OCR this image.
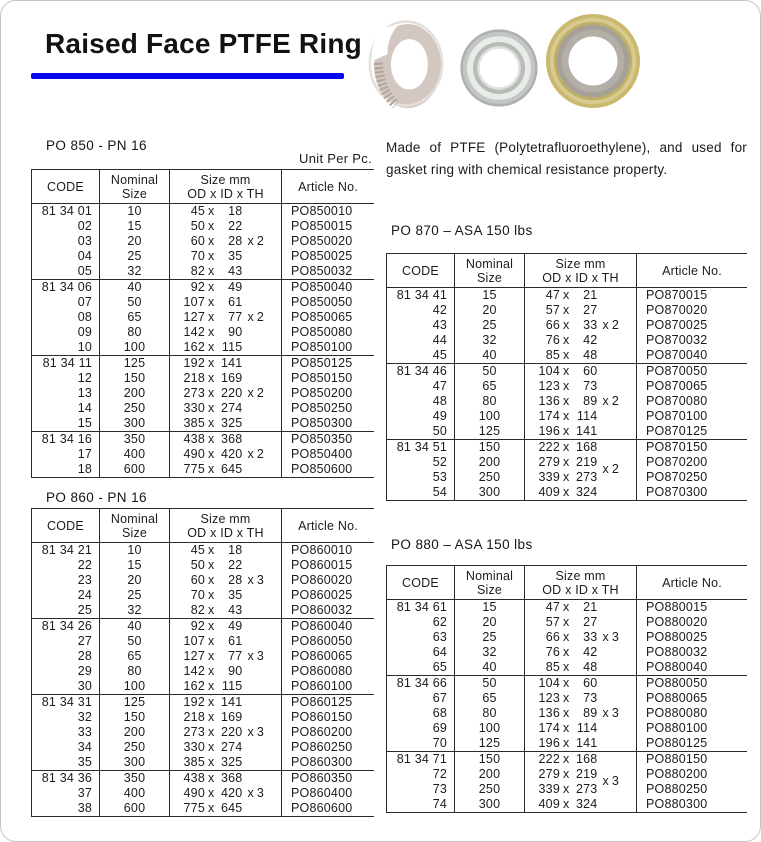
Raised Face PTFE Ring
PO 850 - PN 16
Unit Per Pc.
CODE	Nominal
Size
Size mm
OD x ID x TH	Article No.
81 34 01	10	45 x 18	PO850010
02	15	50 x 22	PO850015
03	20	60 x 28 x 2	PO850020
04	25	70 x 35	PO850025
05	32	82 x 43	PO850032
81 34 06	40	92 x 49	PO850040
07	50	107 x 61	PO850050
08	65	127 x 77 x 2	PO850065
09	80	142 x 90	PO850080
10	100	162 x 115	PO850100
81 34 11	125	192 x 141	PO850125
12	150	218 x 169	PO850150
13	200	273 x 220 x 2	PO850200
14	250	330 x 274	PO850250
15	300	385 x 325	PO850300
81 34 16	350	438 x 368	PO850350
17	400	490 x 420 x 2	PO850400
18	600	775 x 645	PO850600
PO 860 - PN 16
CODE	Nominal
Size
Size mm
OD x ID x TH	Article No.
81 34 21	10	45 x 18	PO860010
22	15	50 x 22	PO860015
23	20	60 x 28 x 3	PO860020
24	25	70 x 35	PO860025
25	32	82 x 43	PO860032
81 34 26	40	92 x 49	PO860040
27	50	107 x 61	PO860050
28	65	127 x 77 x 3	PO860065
29	80	142 x 90	PO860080
30	100	162 x 115	PO860100
81 34 31	125	192 x 141	PO860125
32	150	218 x 169	PO860150
33	200	273 x 220 x 3	PO860200
34	250	330 x 274	PO860250
35	300	385 x 325	PO860300
81 34 36	350	438 x 368	PO860350
37	400	490 x 420 x 3	PO860400
38	600	775 x 645	PO860600

Made of PTFE (Polytetrafluoroethylene), and used for gasket ring with chemical resistance property.

PO 870 – ASA 150 lbs
CODE	Nominal
Size
Size mm
OD x ID x TH	Article No.
81 34 41	15	47 x 21	PO870015
42	20	57 x 27	PO870020
43	25	66 x 33 x 2	PO870025
44	32	76 x 42	PO870032
45	40	85 x 48	PO870040
81 34 46	50	104 x 60	PO870050
47	65	123 x 73	PO870065
48	80	136 x 89 x 2	PO870080
49	100	174 x 114	PO870100
50	125	196 x 141	PO870125
81 34 51	150	222 x 168	PO870150
52	200	279 x 219 x 2	PO870200
53	250	339 x 273	PO870250
54	300	409 x 324	PO870300
PO 880 – ASA 150 lbs
CODE	Nominal
Size
Size mm
OD x ID x TH	Article No.
81 34 61	15	47 x 21	PO880015
62	20	57 x 27	PO880020
63	25	66 x 33 x 3	PO880025
64	32	76 x 42	PO880032
65	40	85 x 48	PO880040
81 34 66	50	104 x 60	PO880050
67	65	123 x 73	PO880065
68	80	136 x 89 x 3	PO880080
69	100	174 x 114	PO880100
70	125	196 x 141	PO880125
81 34 71	150	222 x 168	PO880150
72	200	279 x 219 x 3	PO880200
73	250	339 x 273	PO880250
74	300	409 x 324	PO880300
